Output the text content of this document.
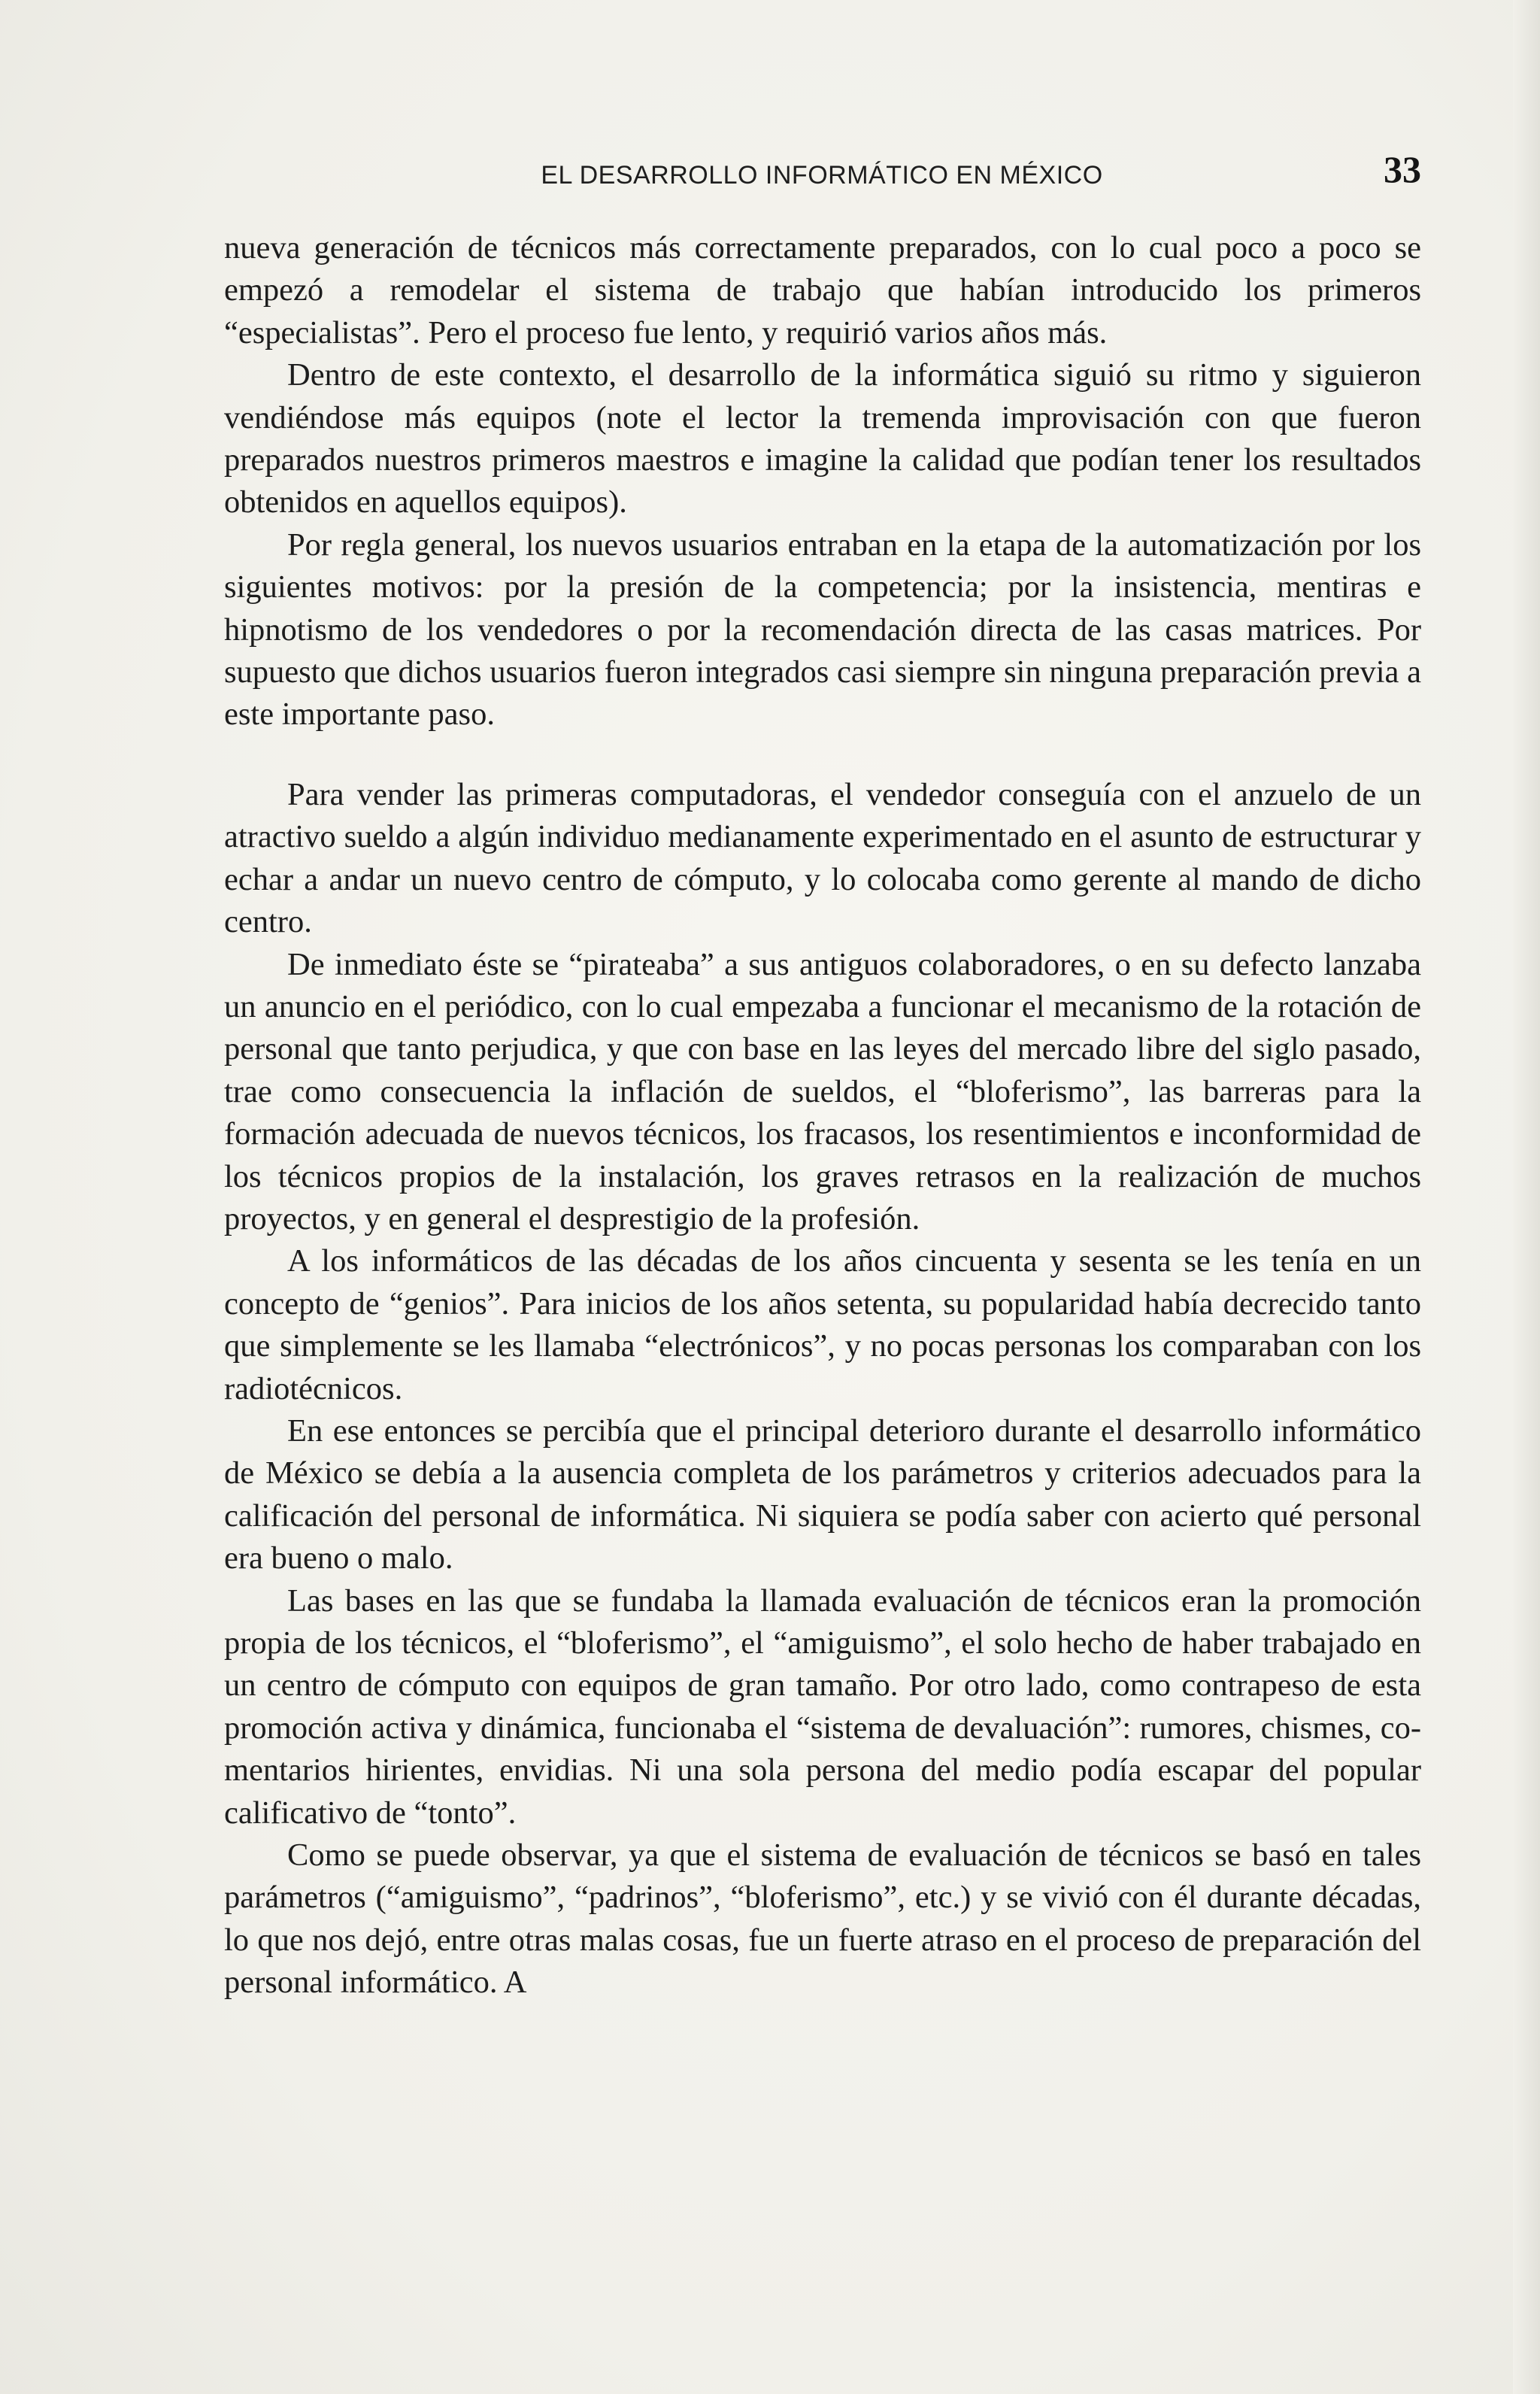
EL DESARROLLO INFORMÁTICO EN MÉXICO	33

nueva generación de técnicos más correctamente preparados, con lo cual poco a poco se empezó a remodelar el sistema de trabajo que habían introducido los primeros “especialistas”. Pero el proceso fue lento, y requirió varios años más.

Dentro de este contexto, el desarrollo de la informática siguió su ritmo y siguieron vendiéndose más equipos (note el lector la tremenda improvisación con que fueron preparados nuestros primeros maestros e imagine la calidad que podían tener los resultados obtenidos en aquellos equipos).

Por regla general, los nuevos usuarios entraban en la etapa de la automatización por los siguientes motivos: por la presión de la competencia; por la insistencia, mentiras e hipnotismo de los vendedores o por la recomendación directa de las casas matrices. Por supuesto que dichos usuarios fueron integrados casi siempre sin ninguna preparación previa a este importante paso.

Para vender las primeras computadoras, el vendedor conseguía con el anzuelo de un atractivo sueldo a algún individuo medianamente experimentado en el asunto de estructurar y echar a andar un nuevo centro de cómputo, y lo colocaba como gerente al mando de dicho centro.

De inmediato éste se “pirateaba” a sus antiguos colaboradores, o en su defecto lanzaba un anuncio en el periódico, con lo cual empezaba a funcionar el mecanismo de la rotación de personal que tanto perjudica, y que con base en las leyes del mercado libre del siglo pasado, trae como consecuencia la inflación de sueldos, el “bloferismo”, las barreras para la formación adecuada de nuevos técnicos, los fracasos, los resentimientos e inconformidad de los técnicos propios de la instalación, los graves retrasos en la realización de muchos proyectos, y en general el desprestigio de la profesión.

A los informáticos de las décadas de los años cincuenta y sesenta se les tenía en un concepto de “genios”. Para inicios de los años setenta, su popularidad había decrecido tanto que simplemente se les llamaba “electrónicos”, y no pocas personas los comparaban con los radiotécnicos.

En ese entonces se percibía que el principal deterioro durante el desarrollo informático de México se debía a la ausencia completa de los parámetros y criterios adecuados para la calificación del personal de informática. Ni siquiera se podía saber con acierto qué personal era bueno o malo.

Las bases en las que se fundaba la llamada evaluación de técnicos eran la promoción propia de los técnicos, el “bloferismo”, el “amiguismo”, el solo hecho de haber trabajado en un centro de cómputo con equipos de gran tamaño. Por otro lado, como contrapeso de esta promoción activa y dinámica, funcionaba el “sistema de devaluación”: rumores, chismes, comentarios hirientes, envidias. Ni una sola persona del medio podía escapar del popular calificativo de “tonto”.

Como se puede observar, ya que el sistema de evaluación de técnicos se basó en tales parámetros (“amiguismo”, “padrinos”, “bloferismo”, etc.) y se vivió con él durante décadas, lo que nos dejó, entre otras malas cosas, fue un fuerte atraso en el proceso de preparación del personal informático. A
